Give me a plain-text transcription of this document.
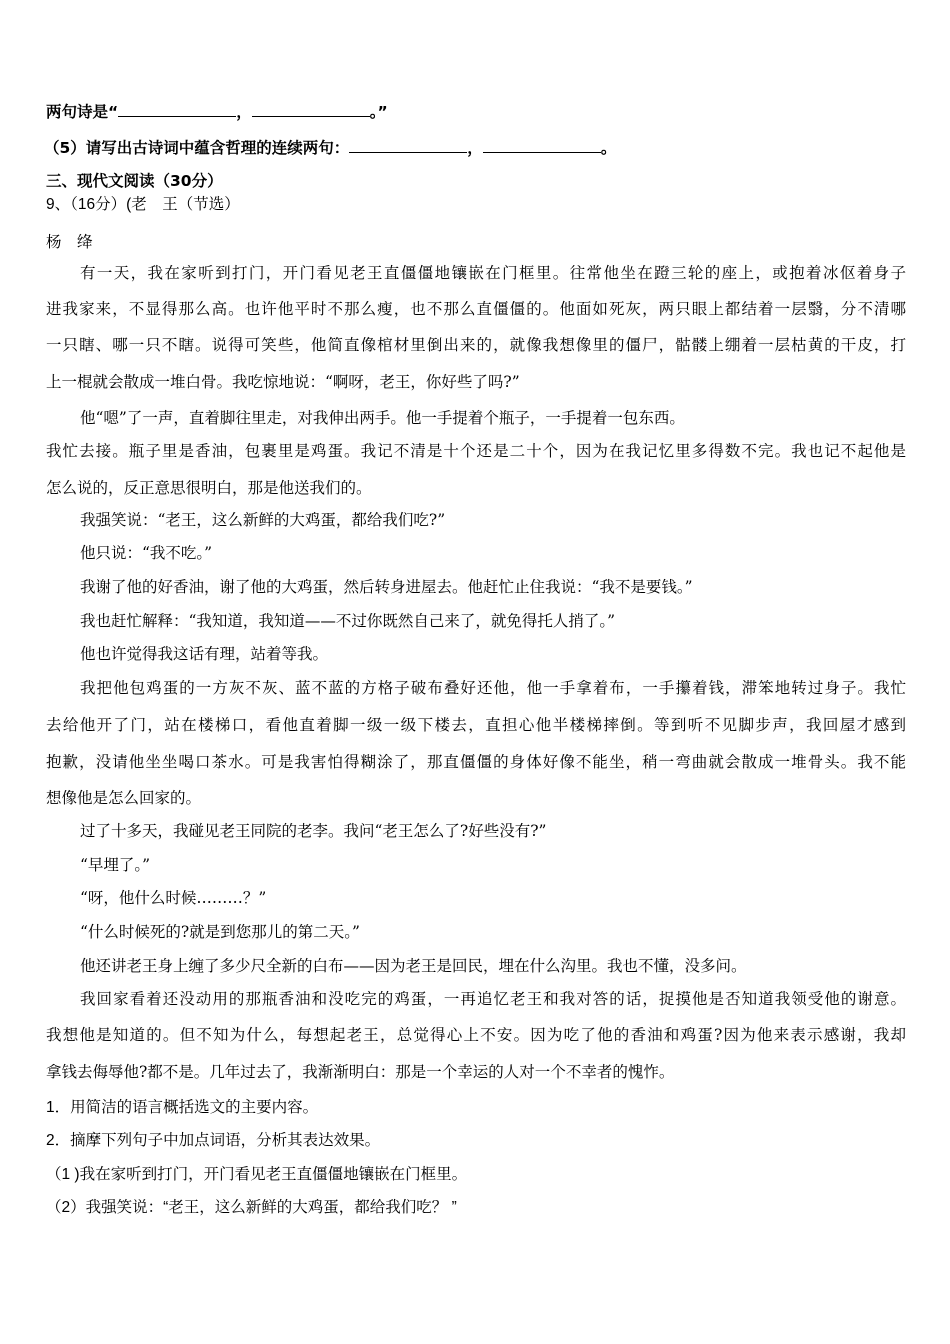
两句诗是“	，	。”
（5）请写出古诗词中蕴含哲理的连续两句：	，	。
三、现代文阅读（30分）
9、（16分）(老　王（节选）
杨　绛
有一天，我在家听到打门，开门看见老王直僵僵地镶嵌在门框里。往常他坐在蹬三轮的座上，或抱着冰伛着身子
进我家来，不显得那么高。也许他平时不那么瘦，也不那么直僵僵的。他面如死灰，两只眼上都结着一层翳，分不清哪
一只瞎、哪一只不瞎。说得可笑些，他简直像棺材里倒出来的，就像我想像里的僵尸，骷髅上绷着一层枯黄的干皮，打
上一棍就会散成一堆白骨。我吃惊地说：“啊呀，老王，你好些了吗?”
他“嗯”了一声，直着脚往里走，对我伸出两手。他一手提着个瓶子，一手提着一包东西。
我忙去接。瓶子里是香油，包裹里是鸡蛋。我记不清是十个还是二十个，因为在我记忆里多得数不完。我也记不起他是
怎么说的，反正意思很明白，那是他送我们的。
我强笑说：“老王，这么新鲜的大鸡蛋，都给我们吃?”
他只说：“我不吃。”
我谢了他的好香油，谢了他的大鸡蛋，然后转身进屋去。他赶忙止住我说：“我不是要钱。”
我也赶忙解释：“我知道，我知道——不过你既然自己来了，就免得托人捎了。”
他也许觉得我这话有理，站着等我。
我把他包鸡蛋的一方灰不灰、蓝不蓝的方格子破布叠好还他，他一手拿着布，一手攥着钱，滞笨地转过身子。我忙
去给他开了门，站在楼梯口，看他直着脚一级一级下楼去，直担心他半楼梯摔倒。等到听不见脚步声，我回屋才感到
抱歉，没请他坐坐喝口茶水。可是我害怕得糊涂了，那直僵僵的身体好像不能坐，稍一弯曲就会散成一堆骨头。我不能
想像他是怎么回家的。
过了十多天，我碰见老王同院的老李。我问“老王怎么了?好些没有?”
“早埋了。”
“呀，他什么时候………？”
“什么时候死的?就是到您那儿的第二天。”
他还讲老王身上缠了多少尺全新的白布——因为老王是回民，埋在什么沟里。我也不懂，没多问。
我回家看着还没动用的那瓶香油和没吃完的鸡蛋，一再追忆老王和我对答的话，捉摸他是否知道我领受他的谢意。
我想他是知道的。但不知为什么，每想起老王，总觉得心上不安。因为吃了他的香油和鸡蛋?因为他来表示感谢，我却
拿钱去侮辱他?都不是。几年过去了，我渐渐明白：那是一个幸运的人对一个不幸者的愧怍。
1．用简洁的语言概括选文的主要内容。
2．摘摩下列句子中加点词语，分析其表达效果。
（1 )我在家听到打门，开门看见老王直僵僵地镶嵌在门框里。
（2）我强笑说：“老王，这么新鲜的大鸡蛋，都给我们吃？ ”
